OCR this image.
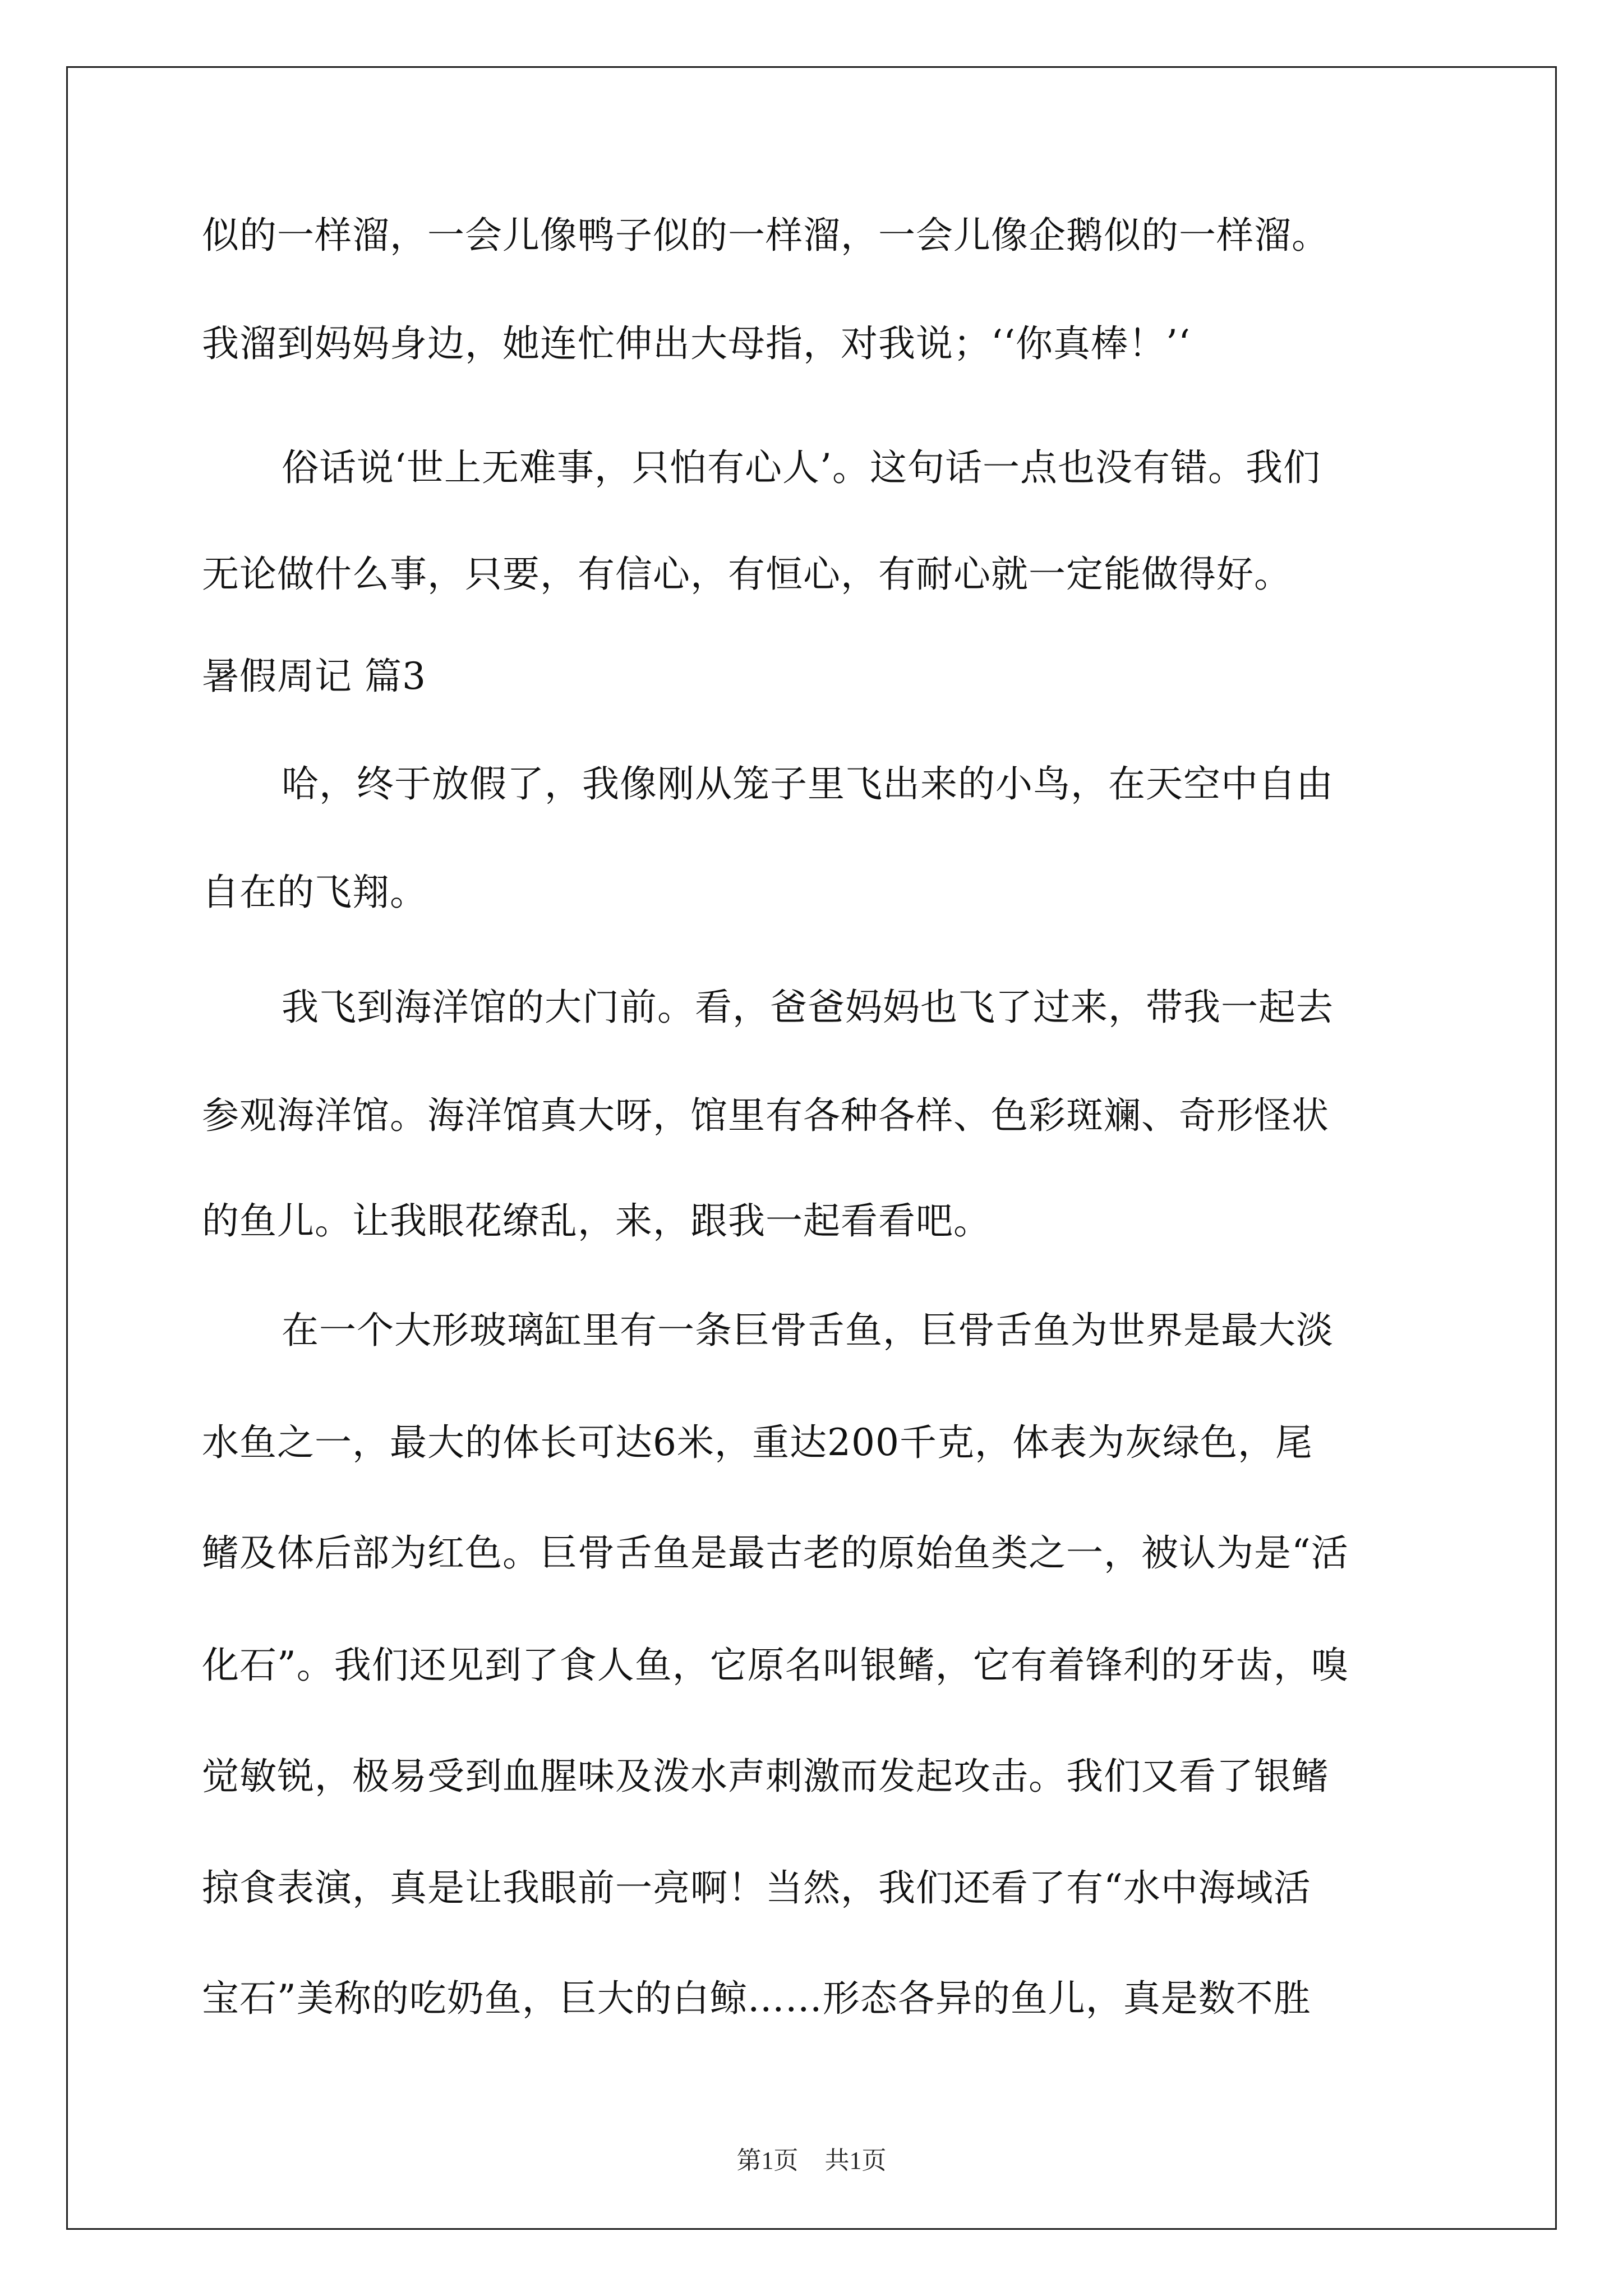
似的一样溜，一会儿像鸭子似的一样溜，一会儿像企鹅似的一样溜。
我溜到妈妈身边，她连忙伸出大母指，对我说；‘‘你真棒！’‘
俗话说‘世上无难事，只怕有心人’。这句话一点也没有错。我们
无论做什么事，只要，有信心，有恒心，有耐心就一定能做得好。
暑假周记 篇3
哈，终于放假了，我像刚从笼子里飞出来的小鸟，在天空中自由
自在的飞翔。
我飞到海洋馆的大门前。看，爸爸妈妈也飞了过来，带我一起去
参观海洋馆。海洋馆真大呀，馆里有各种各样、色彩斑斓、奇形怪状
的鱼儿。让我眼花缭乱，来，跟我一起看看吧。
在一个大形玻璃缸里有一条巨骨舌鱼，巨骨舌鱼为世界是最大淡
水鱼之一，最大的体长可达6米，重达200千克，体表为灰绿色，尾
鳍及体后部为红色。巨骨舌鱼是最古老的原始鱼类之一，被认为是“活
化石”。我们还见到了食人鱼，它原名叫银鳍，它有着锋利的牙齿，嗅
觉敏锐，极易受到血腥味及泼水声刺激而发起攻击。我们又看了银鳍
掠食表演，真是让我眼前一亮啊！当然，我们还看了有“水中海域活
宝石”美称的吃奶鱼，巨大的白鲸……形态各异的鱼儿，真是数不胜
第1页 共1页
